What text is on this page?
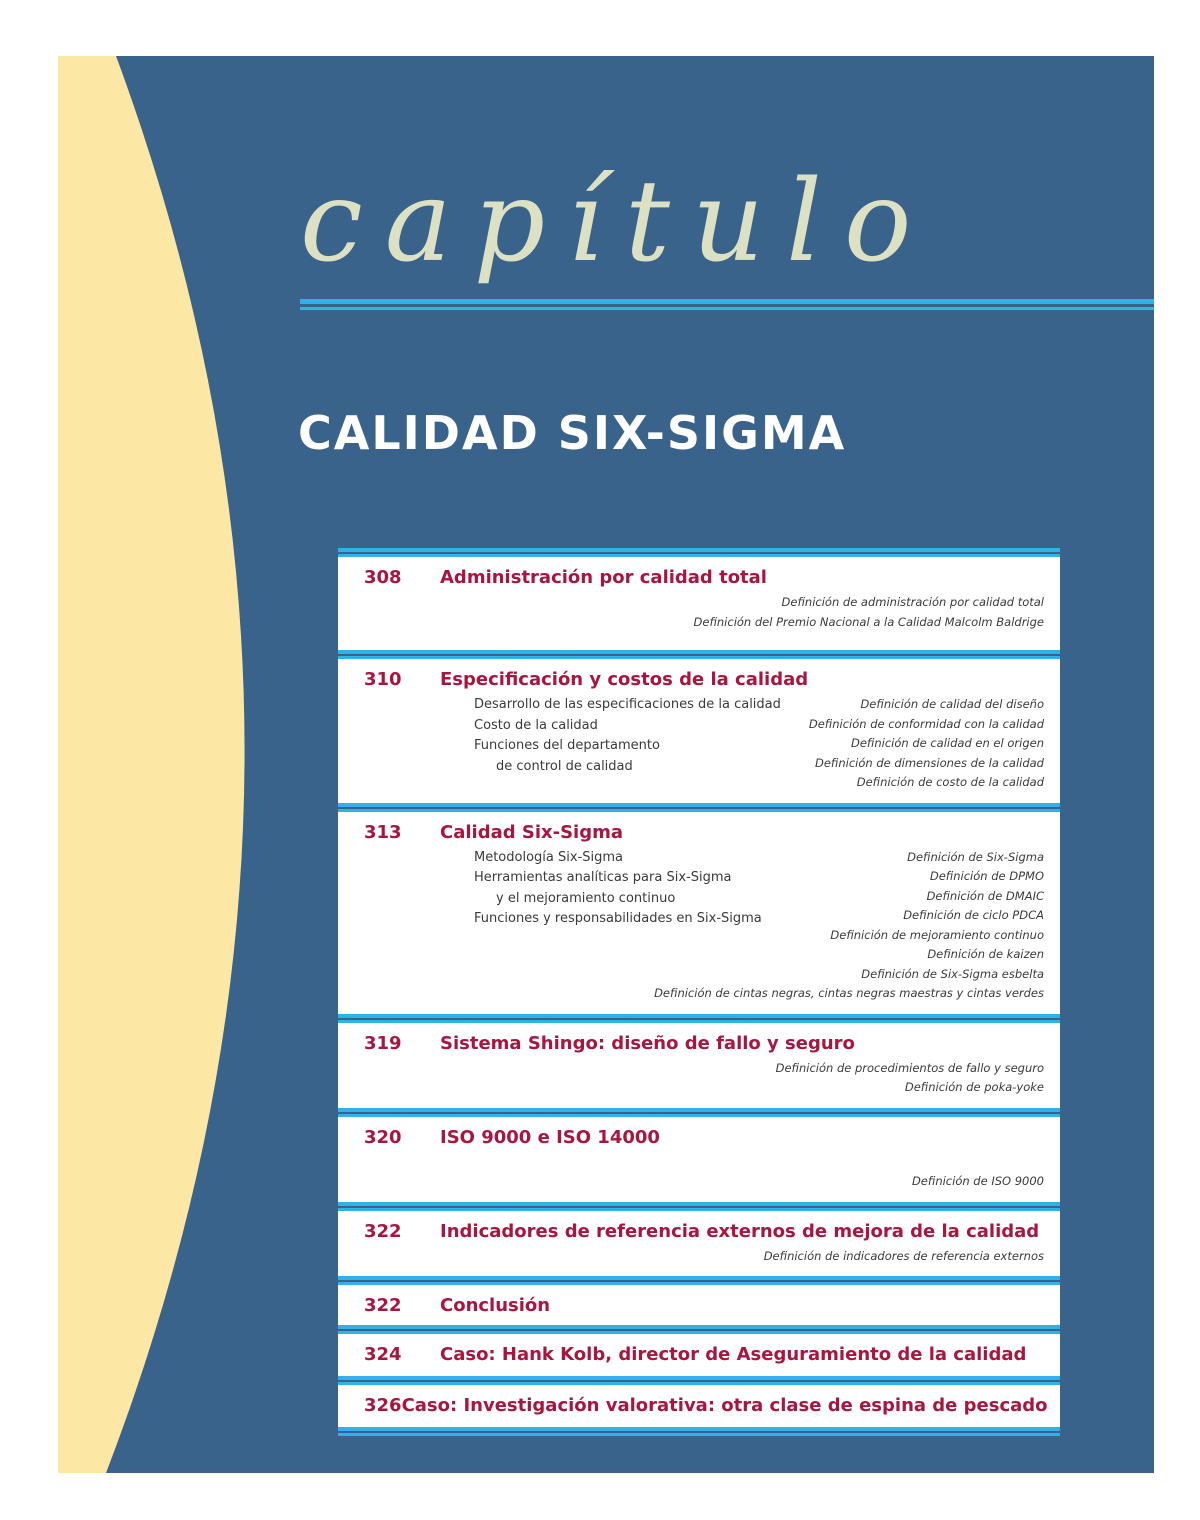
capítulo
CALIDAD SIX-SIGMA
308	Administración por calidad total
Definición de administración por calidad total
Definición del Premio Nacional a la Calidad Malcolm Baldrige
310	Especificación y costos de la calidad
Desarrollo de las especificaciones de la calidad
Costo de la calidad
Funciones del departamento
de control de calidad
Definición de calidad del diseño
Definición de conformidad con la calidad
Definición de calidad en el origen
Definición de dimensiones de la calidad
Definición de costo de la calidad
313	Calidad Six-Sigma
Metodología Six-Sigma
Herramientas analíticas para Six-Sigma
y el mejoramiento continuo
Funciones y responsabilidades en Six-Sigma
Definición de Six-Sigma
Definición de DPMO
Definición de DMAIC
Definición de ciclo PDCA
Definición de mejoramiento continuo
Definición de kaizen
Definición de Six-Sigma esbelta
Definición de cintas negras, cintas negras maestras y cintas verdes
319	Sistema Shingo: diseño de fallo y seguro
Definición de procedimientos de fallo y seguro
Definición de poka-yoke
320	ISO 9000 e ISO 14000
Definición de ISO 9000
322	Indicadores de referencia externos de mejora de la calidad
Definición de indicadores de referencia externos
322	Conclusión
324	Caso: Hank Kolb, director de Aseguramiento de la calidad
326 Caso: Investigación valorativa: otra clase de espina de pescado
